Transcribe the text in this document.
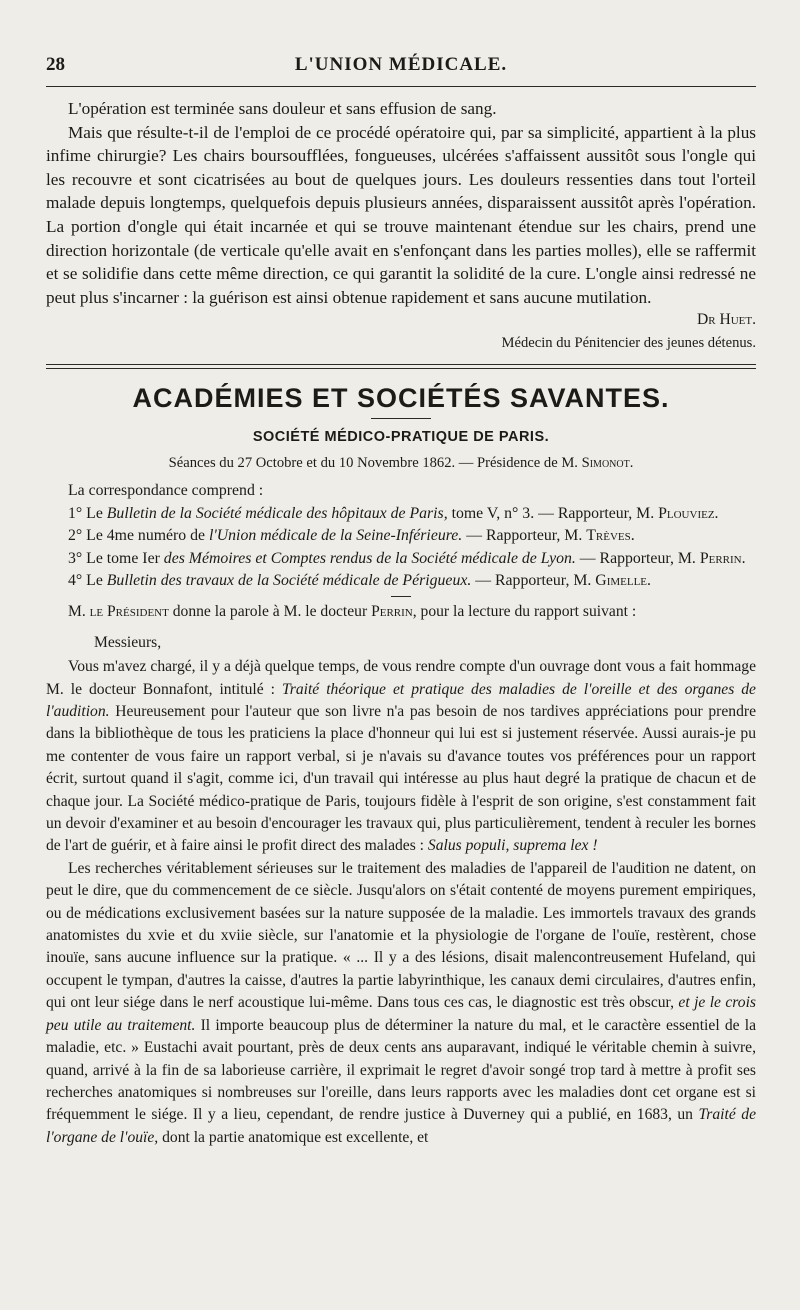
28	L'UNION MÉDICALE.

L'opération est terminée sans douleur et sans effusion de sang.

Mais que résulte-t-il de l'emploi de ce procédé opératoire qui, par sa simplicité, appartient à la plus infime chirurgie? Les chairs boursoufflées, fongueuses, ulcérées s'affaissent aussitôt sous l'ongle qui les recouvre et sont cicatrisées au bout de quelques jours. Les douleurs ressenties dans tout l'orteil malade depuis longtemps, quelquefois depuis plusieurs années, disparaissent aussitôt après l'opération. La portion d'ongle qui était incarnée et qui se trouve maintenant étendue sur les chairs, prend une direction horizontale (de verticale qu'elle avait en s'enfonçant dans les parties molles), elle se raffermit et se solidifie dans cette même direction, ce qui garantit la solidité de la cure. L'ongle ainsi redressé ne peut plus s'incarner : la guérison est ainsi obtenue rapidement et sans aucune mutilation.

Dr Huet.
Médecin du Pénitencier des jeunes détenus.
ACADÉMIES ET SOCIÉTÉS SAVANTES.
SOCIÉTÉ MÉDICO-PRATIQUE DE PARIS.
Séances du 27 Octobre et du 10 Novembre 1862. — Présidence de M. Simonot.

La correspondance comprend :

1° Le Bulletin de la Société médicale des hôpitaux de Paris, tome V, n° 3. — Rapporteur, M. Plouviez.

2° Le 4me numéro de l'Union médicale de la Seine-Inférieure. — Rapporteur, M. Trèves.

3° Le tome Ier des Mémoires et Comptes rendus de la Société médicale de Lyon. — Rapporteur, M. Perrin.

4° Le Bulletin des travaux de la Société médicale de Périgueux. — Rapporteur, M. Gimelle.

M. le Président donne la parole à M. le docteur Perrin, pour la lecture du rapport suivant :

Messieurs,

Vous m'avez chargé, il y a déjà quelque temps, de vous rendre compte d'un ouvrage dont vous a fait hommage M. le docteur Bonnafont, intitulé : Traité théorique et pratique des maladies de l'oreille et des organes de l'audition. Heureusement pour l'auteur que son livre n'a pas besoin de nos tardives appréciations pour prendre dans la bibliothèque de tous les praticiens la place d'honneur qui lui est si justement réservée. Aussi aurais-je pu me contenter de vous faire un rapport verbal, si je n'avais su d'avance toutes vos préférences pour un rapport écrit, surtout quand il s'agit, comme ici, d'un travail qui intéresse au plus haut degré la pratique de chacun et de chaque jour. La Société médico-pratique de Paris, toujours fidèle à l'esprit de son origine, s'est constamment fait un devoir d'examiner et au besoin d'encourager les travaux qui, plus particulièrement, tendent à reculer les bornes de l'art de guérir, et à faire ainsi le profit direct des malades : Salus populi, suprema lex !

Les recherches véritablement sérieuses sur le traitement des maladies de l'appareil de l'audition ne datent, on peut le dire, que du commencement de ce siècle. Jusqu'alors on s'était contenté de moyens purement empiriques, ou de médications exclusivement basées sur la nature supposée de la maladie. Les immortels travaux des grands anatomistes du xvie et du xviie siècle, sur l'anatomie et la physiologie de l'organe de l'ouïe, restèrent, chose inouïe, sans aucune influence sur la pratique. « ... Il y a des lésions, disait malencontreusement Hufeland, qui occupent le tympan, d'autres la caisse, d'autres la partie labyrinthique, les canaux demi circulaires, d'autres enfin, qui ont leur siége dans le nerf acoustique lui-même. Dans tous ces cas, le diagnostic est très obscur, et je le crois peu utile au traitement. Il importe beaucoup plus de déterminer la nature du mal, et le caractère essentiel de la maladie, etc. » Eustachi avait pourtant, près de deux cents ans auparavant, indiqué le véritable chemin à suivre, quand, arrivé à la fin de sa laborieuse carrière, il exprimait le regret d'avoir songé trop tard à mettre à profit ses recherches anatomiques si nombreuses sur l'oreille, dans leurs rapports avec les maladies dont cet organe est si fréquemment le siége. Il y a lieu, cependant, de rendre justice à Duverney qui a publié, en 1683, un Traité de l'organe de l'ouïe, dont la partie anatomique est excellente, et
